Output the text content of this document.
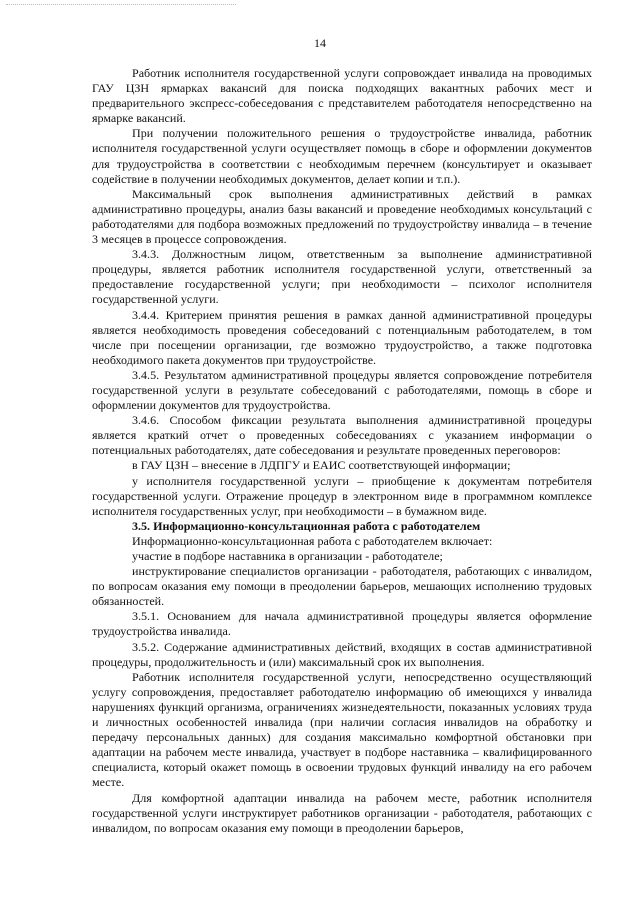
14

Работник исполнителя государственной услуги сопровождает инвалида на проводимых ГАУ ЦЗН ярмарках вакансий для поиска подходящих вакантных рабочих мест и предварительного экспресс-собеседования с представителем работодателя непосредственно на ярмарке вакансий.

При получении положительного решения о трудоустройстве инвалида, работник исполнителя государственной услуги осуществляет помощь в сборе и оформлении документов для трудоустройства в соответствии с необходимым перечнем (консультирует и оказывает содействие в получении необходимых документов, делает копии и т.п.).

Максимальный срок выполнения административных действий в рамках административно процедуры, анализ базы вакансий и проведение необходимых консультаций с работодателями для подбора возможных предложений по трудоустройству инвалида – в течение 3 месяцев в процессе сопровождения.

3.4.3. Должностным лицом, ответственным за выполнение административной процедуры, является работник исполнителя государственной услуги, ответственный за предоставление государственной услуги; при необходимости – психолог исполнителя государственной услуги.

3.4.4. Критерием принятия решения в рамках данной административной процедуры является необходимость проведения собеседований с потенциальным работодателем, в том числе при посещении организации, где возможно трудоустройство, а также подготовка необходимого пакета документов при трудоустройстве.

3.4.5. Результатом административной процедуры является сопровождение потребителя государственной услуги в результате собеседований с работодателями, помощь в сборе и оформлении документов для трудоустройства.

3.4.6. Способом фиксации результата выполнения административной процедуры является краткий отчет о проведенных собеседованиях с указанием информации о потенциальных работодателях, дате собеседования и результате проведенных переговоров:

в ГАУ ЦЗН – внесение в ЛДПГУ и ЕАИС соответствующей информации;

у исполнителя государственной услуги – приобщение к документам потребителя государственной услуги. Отражение процедур в электронном виде в программном комплексе исполнителя государственных услуг, при необходимости – в бумажном виде.

3.5. Информационно-консультационная работа с работодателем

Информационно-консультационная работа с работодателем включает:

участие в подборе наставника в организации - работодателе;

инструктирование специалистов организации - работодателя, работающих с инвалидом, по вопросам оказания ему помощи в преодолении барьеров, мешающих исполнению трудовых обязанностей.

3.5.1. Основанием для начала административной процедуры является оформление трудоустройства инвалида.

3.5.2. Содержание административных действий, входящих в состав административной процедуры, продолжительность и (или) максимальный срок их выполнения.

Работник исполнителя государственной услуги, непосредственно осуществляющий услугу сопровождения, предоставляет работодателю информацию об имеющихся у инвалида нарушениях функций организма, ограничениях жизнедеятельности, показанных условиях труда и личностных особенностей инвалида (при наличии согласия инвалидов на обработку и передачу персональных данных) для создания максимально комфортной обстановки при адаптации на рабочем месте инвалида, участвует в подборе наставника – квалифицированного специалиста, который окажет помощь в освоении трудовых функций инвалиду на его рабочем месте.

Для комфортной адаптации инвалида на рабочем месте, работник исполнителя государственной услуги инструктирует работников организации - работодателя, работающих с инвалидом, по вопросам оказания ему помощи в преодолении барьеров,
